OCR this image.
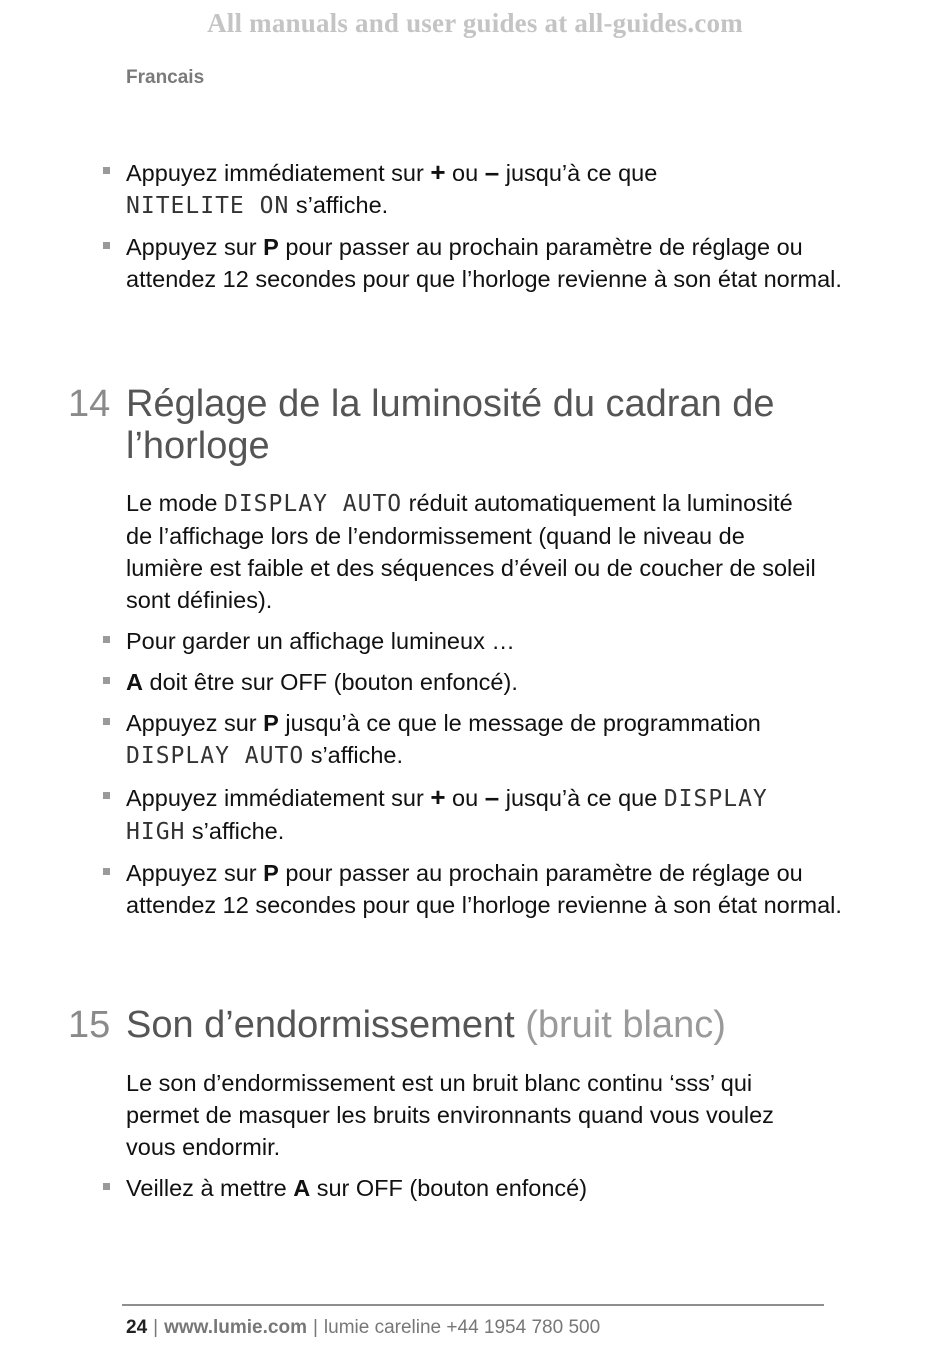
All manuals and user guides at all-guides.com
Francais
Appuyez immédiatement sur + ou – jusqu’à ce que
NITELITE ON s’affiche.
Appuyez sur P pour passer au prochain paramètre de réglage ou attendez 12 secondes pour que l’horloge revienne à son état normal.
14 Réglage de la luminosité du cadran de l’horloge
Le mode DISPLAY AUTO réduit automatiquement la luminosité de l’affichage lors de l’endormissement (quand le niveau de lumière est faible et des séquences d’éveil ou de coucher de soleil sont définies).
Pour garder un affichage lumineux …
A doit être sur OFF (bouton enfoncé).
Appuyez sur P jusqu’à ce que le message de programmation
DISPLAY AUTO s’affiche.
Appuyez immédiatement sur + ou – jusqu’à ce que DISPLAY
HIGH s’affiche.
Appuyez sur P pour passer au prochain paramètre de réglage ou attendez 12 secondes pour que l’horloge revienne à son état normal.
15 Son d’endormissement (bruit blanc)
Le son d’endormissement est un bruit blanc continu ‘sss’ qui permet de masquer les bruits environnants quand vous voulez vous endormir.
Veillez à mettre A sur OFF (bouton enfoncé)
24 | www.lumie.com | lumie careline +44 1954 780 500
